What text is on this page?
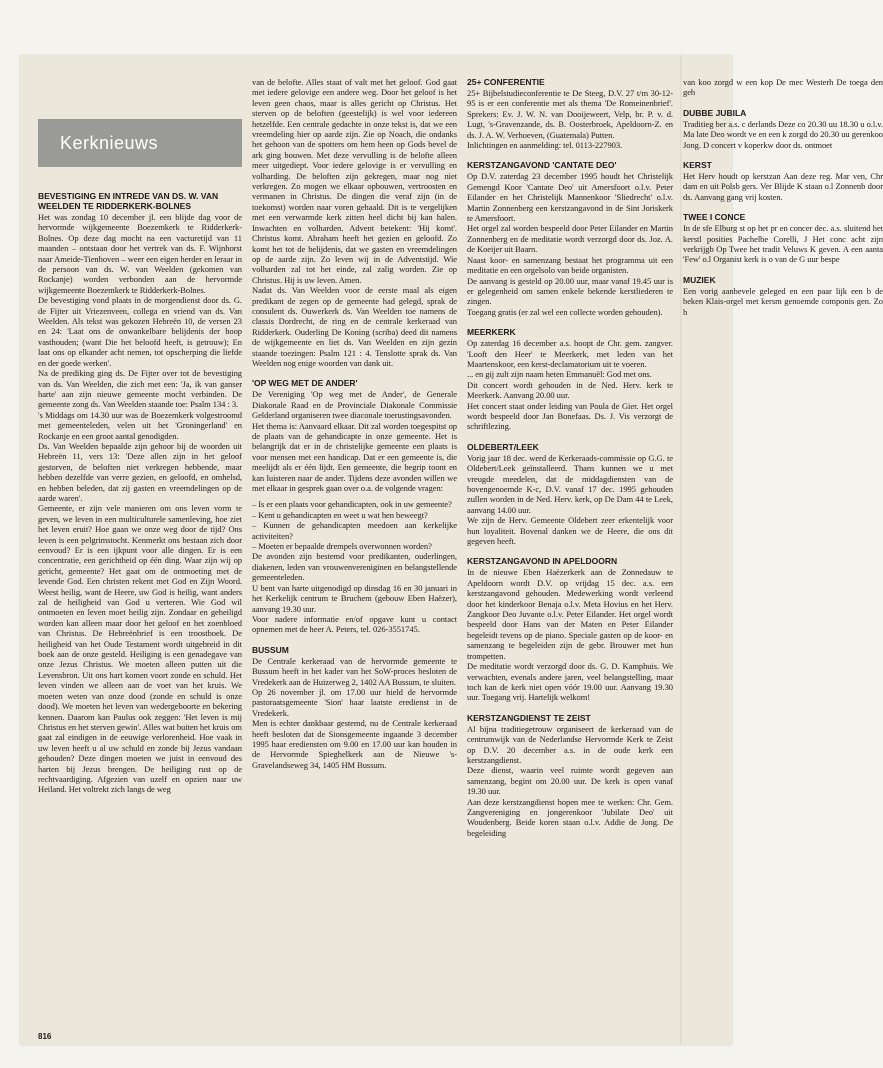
Kerknieuws
BEVESTIGING EN INTREDE VAN DS. W. VAN WEELDEN TE RIDDERKERK-BOLNES

Het was zondag 10 december jl. een blijde dag voor de hervormde wijkgemeente Boezemkerk te Ridderkerk-Bolnes. Op deze dag mocht na een vacturetijd van 11 maanden – ontstaan door het vertrek van ds. F. Wijnhorst naar Ameide-Tienhoven – weer een eigen herder en leraar in de persoon van ds. W. van Weelden (gekomen van Rockanje) worden verbonden aan de hervormde wijkgemeente Boezemkerk te Ridderkerk-Bolnes.

De bevestiging vond plaats in de morgendienst door ds. G. de Fijter uit Vriezenveen, collega en vriend van ds. Van Weelden. Als tekst was gekozen Hebreën 10, de versen 23 en 24: 'Laat ons de onwankelbare belijdenis der hoop vasthouden; (want Die het beloofd heeft, is getrouw); En laat ons op elkander acht nemen, tot opscherping die liefde en der goede werken'.

Na de prediking ging ds. De Fijter over tot de bevestiging van ds. Van Weelden, die zich met een: 'Ja, ik van ganser harte' aan zijn nieuwe gemeente mocht verbinden. De gemeente zong ds. Van Weelden staande toe: Psalm 134 : 3.

's Middags om 14.30 uur was de Boezemkerk volgestroomd met gemeenteleden, velen uit het 'Groningerland' en Rockanje en een groot aantal genodigden.

Ds. Van Weelden bepaalde zijn gehoor bij de woorden uit Hebreën 11, vers 13: 'Deze allen zijn in het geloof gestorven, de beloften niet verkregen hebbende, maar hebben dezelfde van verre gezien, en geloofd, en omhelsd, en hebben beleden, dat zij gasten en vreemdelingen op de aarde waren'.

Gemeente, er zijn vele manieren om ons leven vorm te geven, we leven in een multiculturele samenleving, hoe ziet het leven eruit? Hoe gaan we onze weg door de tijd? Ons leven is een pelgrimstocht. Kenmerkt ons bestaan zich door eenvoud? Er is een ijkpunt voor alle dingen. Er is een concentratie, een gerichtheid op één ding. Waar zijn wij op gericht, gemeente? Het gaat om de ontmoeting met de levende God. Een christen rekent met God en Zijn Woord. Weest heilig, want de Heere, uw God is heilig, want anders zal de heiligheid van God u verteren. Wie God wil ontmoeten en leven moet heilig zijn. Zondaar en geheiligd worden kan alleen maar door het geloof en het zoenbloed van Christus. De Hebreënbrief is een troostboek. De heiligheid van het Oude Testament wordt uitgebreid in dit boek aan de onze gesteld. Heiliging is een genadegave van onze Jezus Christus. We moeten alleen putten uit die Levensbron. Uit ons hart komen voort zonde en schuld. Het leven vinden we alleen aan de voet van het kruis. We moeten weten van onze dood (zonde en schuld is onze dood). We moeten het leven van wedergeboorte en bekering kennen. Daarom kan Paulus ook zeggen: 'Het leven is mij Christus en het sterven gewin'. Alles wat buiten het kruis om gaat zal eindigen in de eeuwige verlorenheid. Hoe vaak in uw leven heeft u al uw schuld en zonde bij Jezus vandaan gehouden? Deze dingen moeten we juist in eenvoud des harten bij Jezus brengen. De heiliging rust op de rechtvaardiging. Afgezien van uzelf en opzien naar uw Heiland. Het voltrekt zich langs de weg

van de belofte. Alles staat of valt met het geloof. God gaat met iedere gelovige een andere weg. Door het geloof is het leven geen chaos, maar is alles gericht op Christus. Het sterven op de beloften (geestelijk) is wel voor iedereen hetzelfde. Een centrale gedachte in onze tekst is, dat we een vreemdeling hier op aarde zijn. Zie op Noach, die ondanks het gehoon van de spotters om hem heen op Gods bevel de ark ging bouwen. Met deze vervulling is de belofte alleen meer uitgediept. Voor iedere gelovige is er vervulling en volharding. De beloften zijn gekregen, maar nog niet verkregen. Zo mogen we elkaar opbouwen, vertroosten en vermanen in Christus. De dingen die veraf zijn (in de toekomst) worden naar voren gehaald. Dit is te vergelijken met een verwarmde kerk zitten heel dicht bij kan halen. Inwachten en volharden. Advent betekent: 'Hij komt'. Christus komt. Abraham heeft het gezien en geloofd. Zo komt het tot de belijdenis, dat we gasten en vreemdelingen op de aarde zijn. Zo leven wij in de Adventstijd. Wie volharden zal tot het einde, zal zalig worden. Zie op Christus. Hij is uw leven. Amen.

Nadat ds. Van Weelden voor de eerste maal als eigen predikant de zegen op de gemeente had gelegd, sprak de consulent ds. Ouwerkerk ds. Van Weelden toe namens de classis Dordrecht, de ring en de centrale kerkeraad van Ridderkerk. Ouderling De Koning (scriba) deed dit namens de wijkgemeente en liet ds. Van Weelden en zijn gezin staande toezingen: Psalm 121 : 4. Tenslotte sprak ds. Van Weelden nog enige woorden van dank uit.

'OP WEG MET DE ANDER'

De Vereniging 'Op weg met de Ander', de Generale Diakonale Raad en de Provinciale Diakonale Commissie Gelderland organiseren twee diaconale toerustingsavonden.

Het thema is: Aanvaard elkaar. Dit zal worden toegespitst op de plaats van de gehandicapte in onze gemeente. Het is belangrijk dat er in de christelijke gemeente een plaats is voor mensen met een handicap. Dat er een gemeente is, die meelijdt als er één lijdt. Een gemeente, die begrip toont en kan luisteren naar de ander. Tijdens deze avonden willen we met elkaar in gesprek gaan over o.a. de volgende vragen:

– Is er een plaats voor gehandicapten, ook in uw gemeente?

– Kent u gehandicapten en weet u wat hen beweegt?

– Kunnen de gehandicapten meedoen aan kerkelijke activiteiten?

– Moeten er bepaalde drempels overwonnen worden?

De avonden zijn bestemd voor predikanten, ouderlingen, diakenen, leden van vrouwenvereniginen en belangstellende gemeenteleden.

U bent van harte uitgenodigd op dinsdag 16 en 30 januari in het Kerkelijk centrum te Bruchem (gebouw Eben Haëzer), aanvang 19.30 uur.

Voor nadere informatie en/of opgave kunt u contact opnemen met de heer A. Peters, tel. 026-3551745.

BUSSUM

De Centrale kerkeraad van de hervormde gemeente te Bussum heeft in het kader van het SoW-proces besloten de Vredekerk aan de Huizerweg 2, 1402 AA Bussum, te sluiten.

Op 26 november jl. om 17.00 uur hield de hervormde pastoraatsgemeente 'Sion' haar laatste eredienst in de Vredekerk.

Men is echter dankbaar gestemd, nu de Centrale kerkeraad heeft besloten dat de Sionsgemeente ingaande 3 december 1995 haar erediensten om 9.00 en 17.00 uur kan houden in de Hervormde Spieghelkerk aan de Nieuwe 's-Gravelandseweg 34, 1405 HM Bussum.

25+ CONFERENTIE

25+ Bijbelstudieconferentie te De Steeg, D.V. 27 t/m 30-12-95 is er een conferentie met als thema 'De Romeinenbrief'. Sprekers: Ev. J. W. N. van Dooijeweert, Velp, br. P. v. d. Lugt, 's-Gravenzande, ds. B. Oosterbroek, Apeldoorn-Z. en ds. J. A. W. Verhoeven, (Guatemala) Putten.

Inlichtingen en aanmelding: tel. 0113-227903.

KERSTZANGAVOND 'CANTATE DEO'

Op D.V. zaterdag 23 december 1995 houdt het Christelijk Gemengd Koor 'Cantate Deo' uit Amersfoort o.l.v. Peter Eilander en het Christelijk Mannenkoor 'Sliedrecht' o.l.v. Martin Zonnenberg een kerstzangavond in de Sint Joriskerk te Amersfoort.

Het orgel zal worden bespeeld door Peter Eilander en Martin Zonnenberg en de meditatie wordt verzorgd door ds. Joz. A. de Koeijer uit Baarn.

Naast koor- en samenzang bestaat het programma uit een meditatie en een orgelsolo van beide organisten.

De aanvang is gesteld op 20.00 uur, maar vanaf 19.45 uur is er gelegenheid om samen enkele bekende kerstliederen te zingen.

Toegang gratis (er zal wel een collecte worden gehouden).

MEERKERK

Op zaterdag 16 december a.s. hoopt de Chr. gem. zangver. 'Looft den Heer' te Meerkerk, met leden van het Maartenskoor, een kerst-declamatorium uit te voeren.

... en gij zult zijn naam heten Emmanuël: God met ons.

Dit concert wordt gehouden in de Ned. Herv. kerk te Meerkerk. Aanvang 20.00 uur.

Het concert staat onder leiding van Poula de Gier. Het orgel wordt bespeeld door Jan Bonefaas. Ds. J. Vis verzorgt de schriftlezing.

OLDEBERT/LEEK

Vorig jaar 18 dec. werd de Kerkeraads-commissie op G.G. te Oldebert/Leek geïnstalleerd. Thans kunnen we u met vreugde meedelen, dat de middagdiensten van de bovengenoemde K-c, D.V. vanaf 17 dec. 1995 gehouden zullen worden in de Ned. Herv. kerk, op De Dam 44 te Leek, aanvang 14.00 uur.

We zijn de Herv. Gemeente Oldebert zeer erkentelijk voor hun loyaliteit. Bovenal danken we de Heere, die ons dit gegeven heeft.

KERSTZANGAVOND IN APELDOORN

In de nieuwe Eben Haëzerkerk aan de Zonnedauw te Apeldoorn wordt D.V. op vrijdag 15 dec. a.s. een kerstzangavond gehouden. Medewerking wordt verleend door het kinderkoor Benaja o.l.v. Meta Hovius en het Herv. Zangkoor Deo Juvante o.l.v. Peter Eilander. Het orgel wordt bespeeld door Hans van der Maten en Peter Eilander begeleidt tevens op de piano. Speciale gasten op de koor- en samenzang te begeleiden zijn de gebr. Brouwer met hun trompetten.

De meditatie wordt verzorgd door ds. G. D. Kamphuis. We verwachten, evenals andere jaren, veel belangstelling, maar toch kan de kerk niet open vóór 19.00 uur. Aanvang 19.30 uur. Toegang vrij. Hartelijk welkom!

KERSTZANGDIENST TE ZEIST

Al bijna traditiegetrouw organiseert de kerkeraad van de centrumwijk van de Nederlandse Hervormde Kerk te Zeist op D.V. 20 december a.s. in de oude kerk een kerstzangdienst.

Deze dienst, waarin veel ruimte wordt gegeven aan samenzang, begint om 20.00 uur. De kerk is open vanaf 19.30 uur.

Aan deze kerstzangdienst hopen mee te werken: Chr. Gem. Zangvereniging en jongerenkoor 'Jubilate Deo' uit Woudenberg. Beide koren staan o.l.v. Addie de Jong. De begeleiding

van koo zorgd w een kop De mec Westerh De toega den geh

DUBBE JUBILA

Traditieg ber a.s. c derlands Deze co 20.30 uu 18.30 u o.l.v. Ma late Deo wordt ve en een k zorgd do 20.30 uu gerenkoo Jong. D concert v koperkw door ds. ontmoet

KERST

Het Herv houdt op kerstzan Aan deze reg. Mar ven, Chr dam en uit Polsb gers. Ver Blijde K staan o.l Zonnenb door ds. Aanvang gang vrij kosten.

TWEE I CONCE

In de sfe Elburg st op het pr en concer dec. a.s. sluitend het kerstl posities Pachelbe Corelli, J Het conc acht zijn verkrijgb Op Twee het tradit Veluws K geven. A een aanta 'Few' o.l Organist kerk is o van de G uur bespe

MUZIEK

Een vorig aanbevele geleged en een paar lijk een b de beken Klais-orgel met kersm genoemde componis gen. Zo h

816
